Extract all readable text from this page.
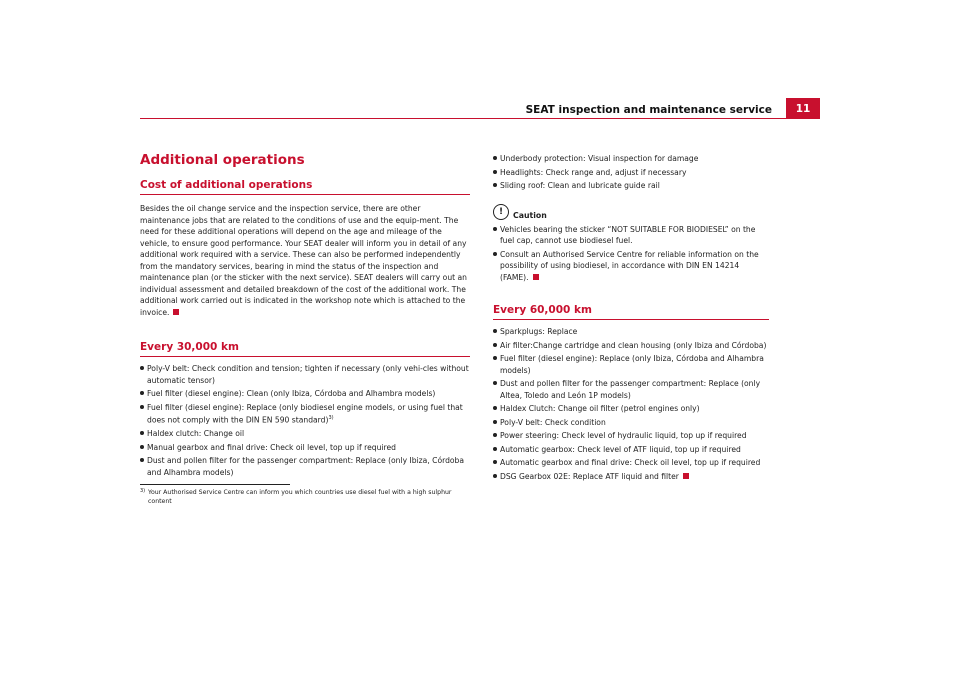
SEAT inspection and maintenance service	11
Additional operations
Cost of additional operations

Besides the oil change service and the inspection service, there are other maintenance jobs that are related to the conditions of use and the equip-ment. The need for these additional operations will depend on the age and mileage of the vehicle, to ensure good performance. Your SEAT dealer will inform you in detail of any additional work required with a service. These can also be performed independently from the mandatory services, bearing in mind the status of the inspection and maintenance plan (or the sticker with the next service). SEAT dealers will carry out an individual assessment and detailed breakdown of the cost of the additional work. The additional work carried out is indicated in the workshop note which is attached to the invoice.

Every 30,000 km
Poly-V belt: Check condition and tension; tighten if necessary (only vehi-cles without automatic tensor)
Fuel filter (diesel engine): Clean (only Ibiza, Córdoba and Alhambra models)
Fuel filter (diesel engine): Replace (only biodiesel engine models, or using fuel that does not comply with the DIN EN 590 standard)$^{3)}$
Haldex clutch: Change oil
Manual gearbox and final drive: Check oil level, top up if required
Dust and pollen filter for the passenger compartment: Replace (only Ibiza, Córdoba and Alhambra models)
3) Your Authorised Service Centre can inform you which countries use diesel fuel with a high sulphur content
Underbody protection: Visual inspection for damage
Headlights: Check range and, adjust if necessary
Sliding roof: Clean and lubricate guide rail
!	Caution
Vehicles bearing the sticker “NOT SUITABLE FOR BIODIESEL” on the fuel cap, cannot use biodiesel fuel.
Consult an Authorised Service Centre for reliable information on the possibility of using biodiesel, in accordance with DIN EN 14214 (FAME).
Every 60,000 km
Sparkplugs: Replace
Air filter:Change cartridge and clean housing (only Ibiza and Córdoba)
Fuel filter (diesel engine): Replace (only Ibiza, Córdoba and Alhambra models)
Dust and pollen filter for the passenger compartment: Replace (only Altea, Toledo and León 1P models)
Haldex Clutch: Change oil filter (petrol engines only)
Poly-V belt: Check condition
Power steering: Check level of hydraulic liquid, top up if required
Automatic gearbox: Check level of ATF liquid, top up if required
Automatic gearbox and final drive: Check oil level, top up if required
DSG Gearbox 02E: Replace ATF liquid and filter
